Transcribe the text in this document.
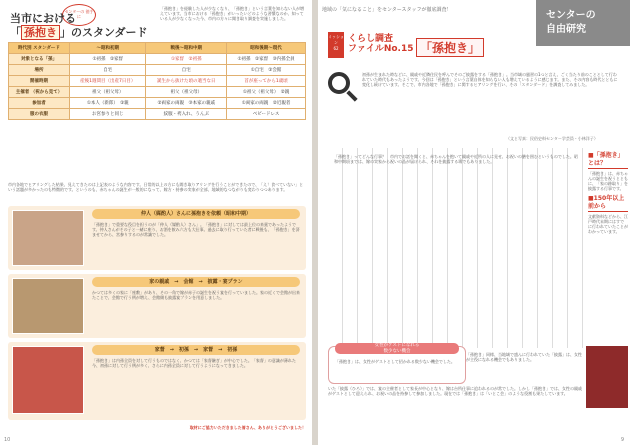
センターの 徳手に
当市における
「 孫抱き 」のスタンダード
「孫抱き」を経験した人が少なくなり、「孫抱き」という言葉を知らない人が増えています。当市における「孫抱き」がいったいどのような習慣なのか、知っている人が少なくなった今、市内の方々に聞き取り調査を実施しました。
時代別 スタンダード	〜昭和初期	戦後〜昭和中期	昭和後期〜現代
対象となる「孫」	①初孫　②家督	①家督　②初孫	①初孫　②家督　③内孫全員
場所	自宅	自宅	①自宅　②会館
開催時期	産後1週間目（出産7日目）	誕生から抜けた頃の適当な日	首が座ってから1歳頃
主催者 （祝から見て）	祖父（祖父母）	祖父（祖父母）	①祖父（祖父母）　②親
参加者	①本人（新郎）　②親	②両家の両親　③本家の親戚	①両家の両親　②近親者
服の衣服	お宮参りと同じ	紋服・袴入れ、うんぶ	ベビードレス
市内各地でヒアリングした結果、見えてきたのは上記表のような内容です。日常的以上の方にも聞き取りアリングを行うことができたので、「え！食べていない」という話題が多かったのも特徴的です。というのも、赤ちゃんの誕生が一般的になって、嫁方・持参の実家が全部、地域的なつながりも変わりつつあります。
仲人（媒酌人）さんに孫抱きを依頼（昭和中期）
「孫抱き」で重要な役目を担うのが「仲人（媒酌人）さん」。「孫抱き」に対しては最上位の来賓であったようです。仲人さんがその子と一緒に座り、お酒を飲み六方も大仕事。過去に取り行っていた者に戦後も、「孫抱き」を済ませてから、宮参りするのが常識でした。
家の親戚　→　会館　→　披露・宴プラン
かつては多くの家に「座敷」があり、その一角で嫁が赤子の誕生を祝う宴を行っていました。家の近くで会館が出来たことで、会館で行う例が増え、会館側も披露宴プランを用意しました。
家督　→　初孫　→　家督　→　初孫
「孫抱き」は内孫全員を対して行うものではなく、かつては「家督継ぎ」が中心でした。「家督」の意識が薄れた今、初孫に対して行う例が多く、さらに内孫全員に対して行うようになってきました。
取材にご協力いただきました皆さん、ありがとうございました！
10
地域の「気になること」をセンタースタッフが徹底調査！	センターの
自由研究
ミッション
62
くらし調査
ファイルNo.15 「孫抱き」
初孫が生まれた時などに、親戚や近隣住民を呼んでそのご披露をする「孫抱き」。当市域の風習の1つと言え、ごく当たり前のこととして行われていた時代もあったようです。今回は「孫抱き」という言葉自体を知らない人も増えているように感じます。また、その内容も時代とともに変化し続けています。そこで、市内各地で「孫抱き」に関するヒアリングを行い、その「スタンダード」を調査してみました。
（文と写真：民俗史料センター学芸員・小林洋子）
「孫抱き」ってどんな行事？　市内でお話を聞くと、赤ちゃんを抱いて親戚や近所の人に見せ、お祝いの膳を囲むというものでした。昭和中期頃までは、嫁の実家から祝いの品が届けられ、それを披露する場でもありました。
■「孫抱き」とは？
「孫抱き」は、赤ちゃんの誕生を祝うとともに、「家の跡取り」を披露する行事です。
■150年以上前から
文献資料などから、江戸時代末期にはすでに行われていたことがわかっています。
女性がゲストになれる
数少ない機会
「孫抱き」は、女性がゲストとして招かれる数少ない機会でした。
「孫抱き」同様、当地域で盛んに行われていた「披露」は、女性が主役になれる機会でもありました。
いた「披露（ひろ）」では、宴の主催者として家長が中心となり、嫁は台所仕事に追われるのが常でした。しかし「孫抱き」では、女性の親戚がゲストとして迎えられ、お祝いの品を持参して参加しました。現在では「孫抱き」は「いとこ会」のような役割も果たしています。
9
